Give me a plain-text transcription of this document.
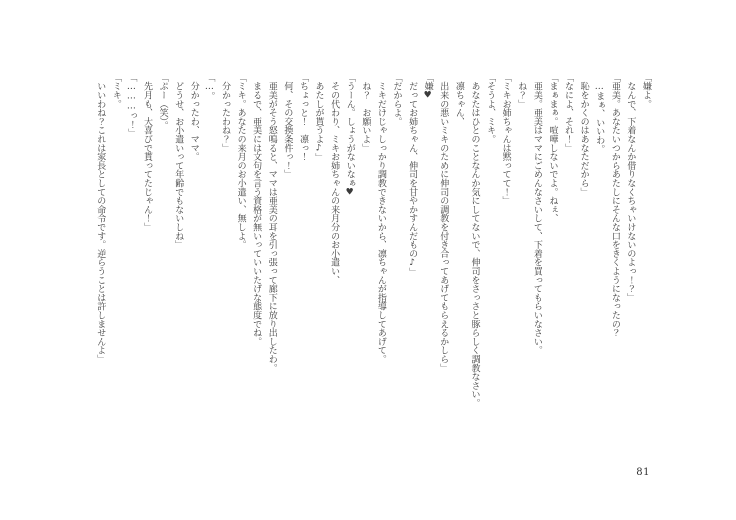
「嫌よ。

　なんで、下着なんか借りなくちゃいけないのよっ！？」

「亜美。あなたいつからあたしにそんな口をきくようになったの？

　…まぁ、いいわ。

　恥をかくのはあなただから」

「なによ、それ！」

「まぁまぁ。喧嘩しないでよ。ねぇ、

　亜美。亜美はママにごめんなさいして、下着を買ってもらいなさい。

　ね？」

「ミキお姉ちゃんは黙ってて！」

「そうよ、ミキ。

　あなたはひとのことなんか気にしてないで、伸司をさっさと豚らしく調教なさい。

　凛ちゃん、

　出来の悪いミキのために伸司の調教を付き合ってあげてもらえるかしら」

「嫌♥

　だってお姉ちゃん、伸司を甘やかすんだもの♪」

「だからよ。

　ミキだけじゃしっかり調教できないから、凛ちゃんが指導してあげて。

　ね？　お願いよ」

「うーん。しょうがないなぁ♥

　その代わり、ミキお姉ちゃんの来月分のお小遣い、

　あたしが貰うよ♪」

「ちょっと！　凛っ！

　何、その交換条件っ！」

　亜美がそう怒鳴ると、ママは亜美の耳を引っ張って廊下に放り出したわ。

　まるで、亜美には文句を言う資格が無いっていいたげな態度でね。

「ミキ。あなたの来月のお小遣い、無しよ。

　分かったわね？」

「…。

　分かったわ、ママ。

　どうせ、お小遣いって年齢でもないしね」

「ぷー（笑）。

　先月も、大喜びで貰ってたじゃん！」

「………っ！」

「ミキ。

　いいわね？これは家長としての命令です。逆らうことは許しませんよ」

81
